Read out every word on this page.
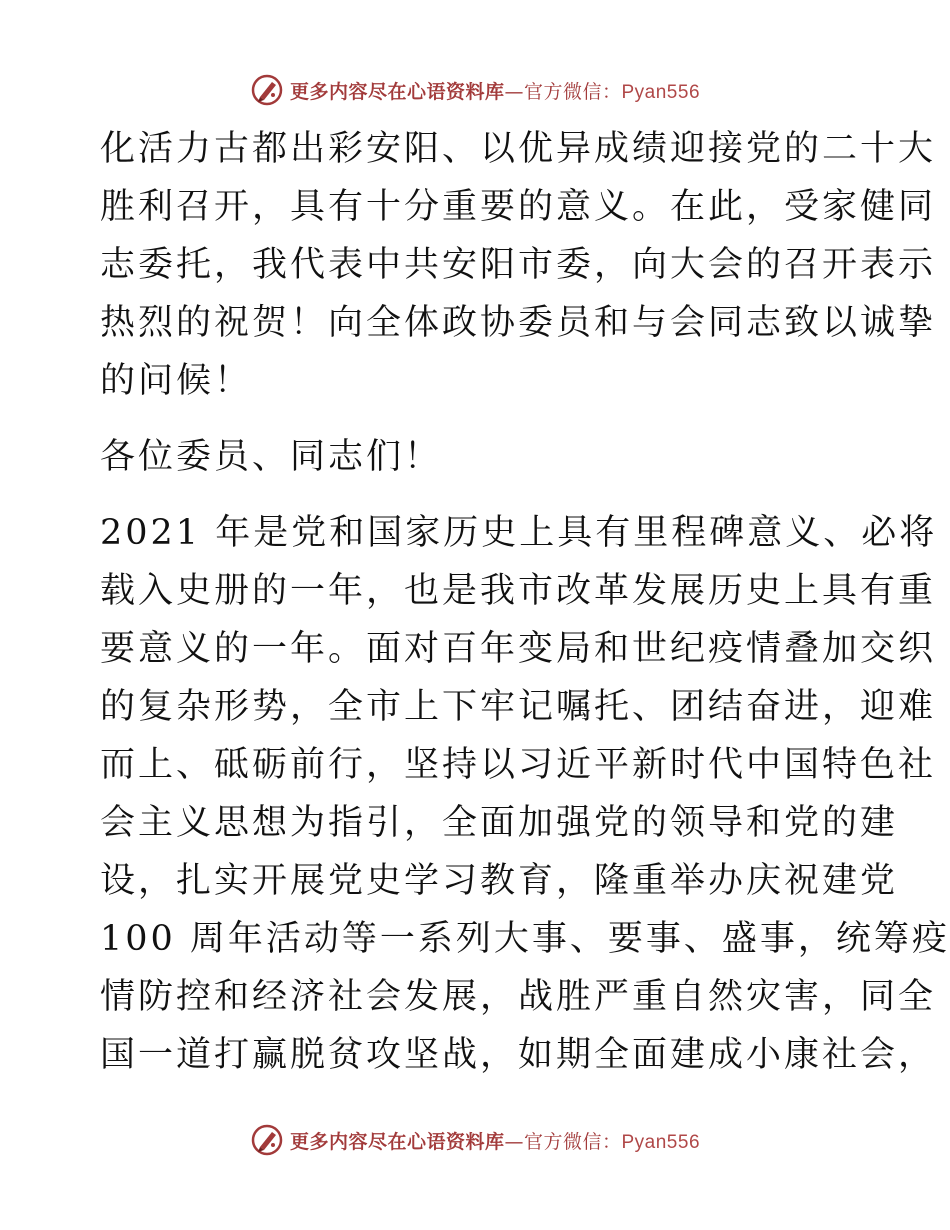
更多内容尽在心语资料库—官方微信：Pyan556
化活力古都出彩安阳、以优异成绩迎接党的二十大
胜利召开，具有十分重要的意义。在此，受家健同
志委托，我代表中共安阳市委，向大会的召开表示
热烈的祝贺！向全体政协委员和与会同志致以诚挚
的问候！
各位委员、同志们！
2021 年是党和国家历史上具有里程碑意义、必将
载入史册的一年，也是我市改革发展历史上具有重
要意义的一年。面对百年变局和世纪疫情叠加交织
的复杂形势，全市上下牢记嘱托、团结奋进，迎难
而上、砥砺前行，坚持以习近平新时代中国特色社
会主义思想为指引，全面加强党的领导和党的建
设，扎实开展党史学习教育，隆重举办庆祝建党
100 周年活动等一系列大事、要事、盛事，统筹疫
情防控和经济社会发展，战胜严重自然灾害，同全
国一道打赢脱贫攻坚战，如期全面建成小康社会，
更多内容尽在心语资料库—官方微信：Pyan556
